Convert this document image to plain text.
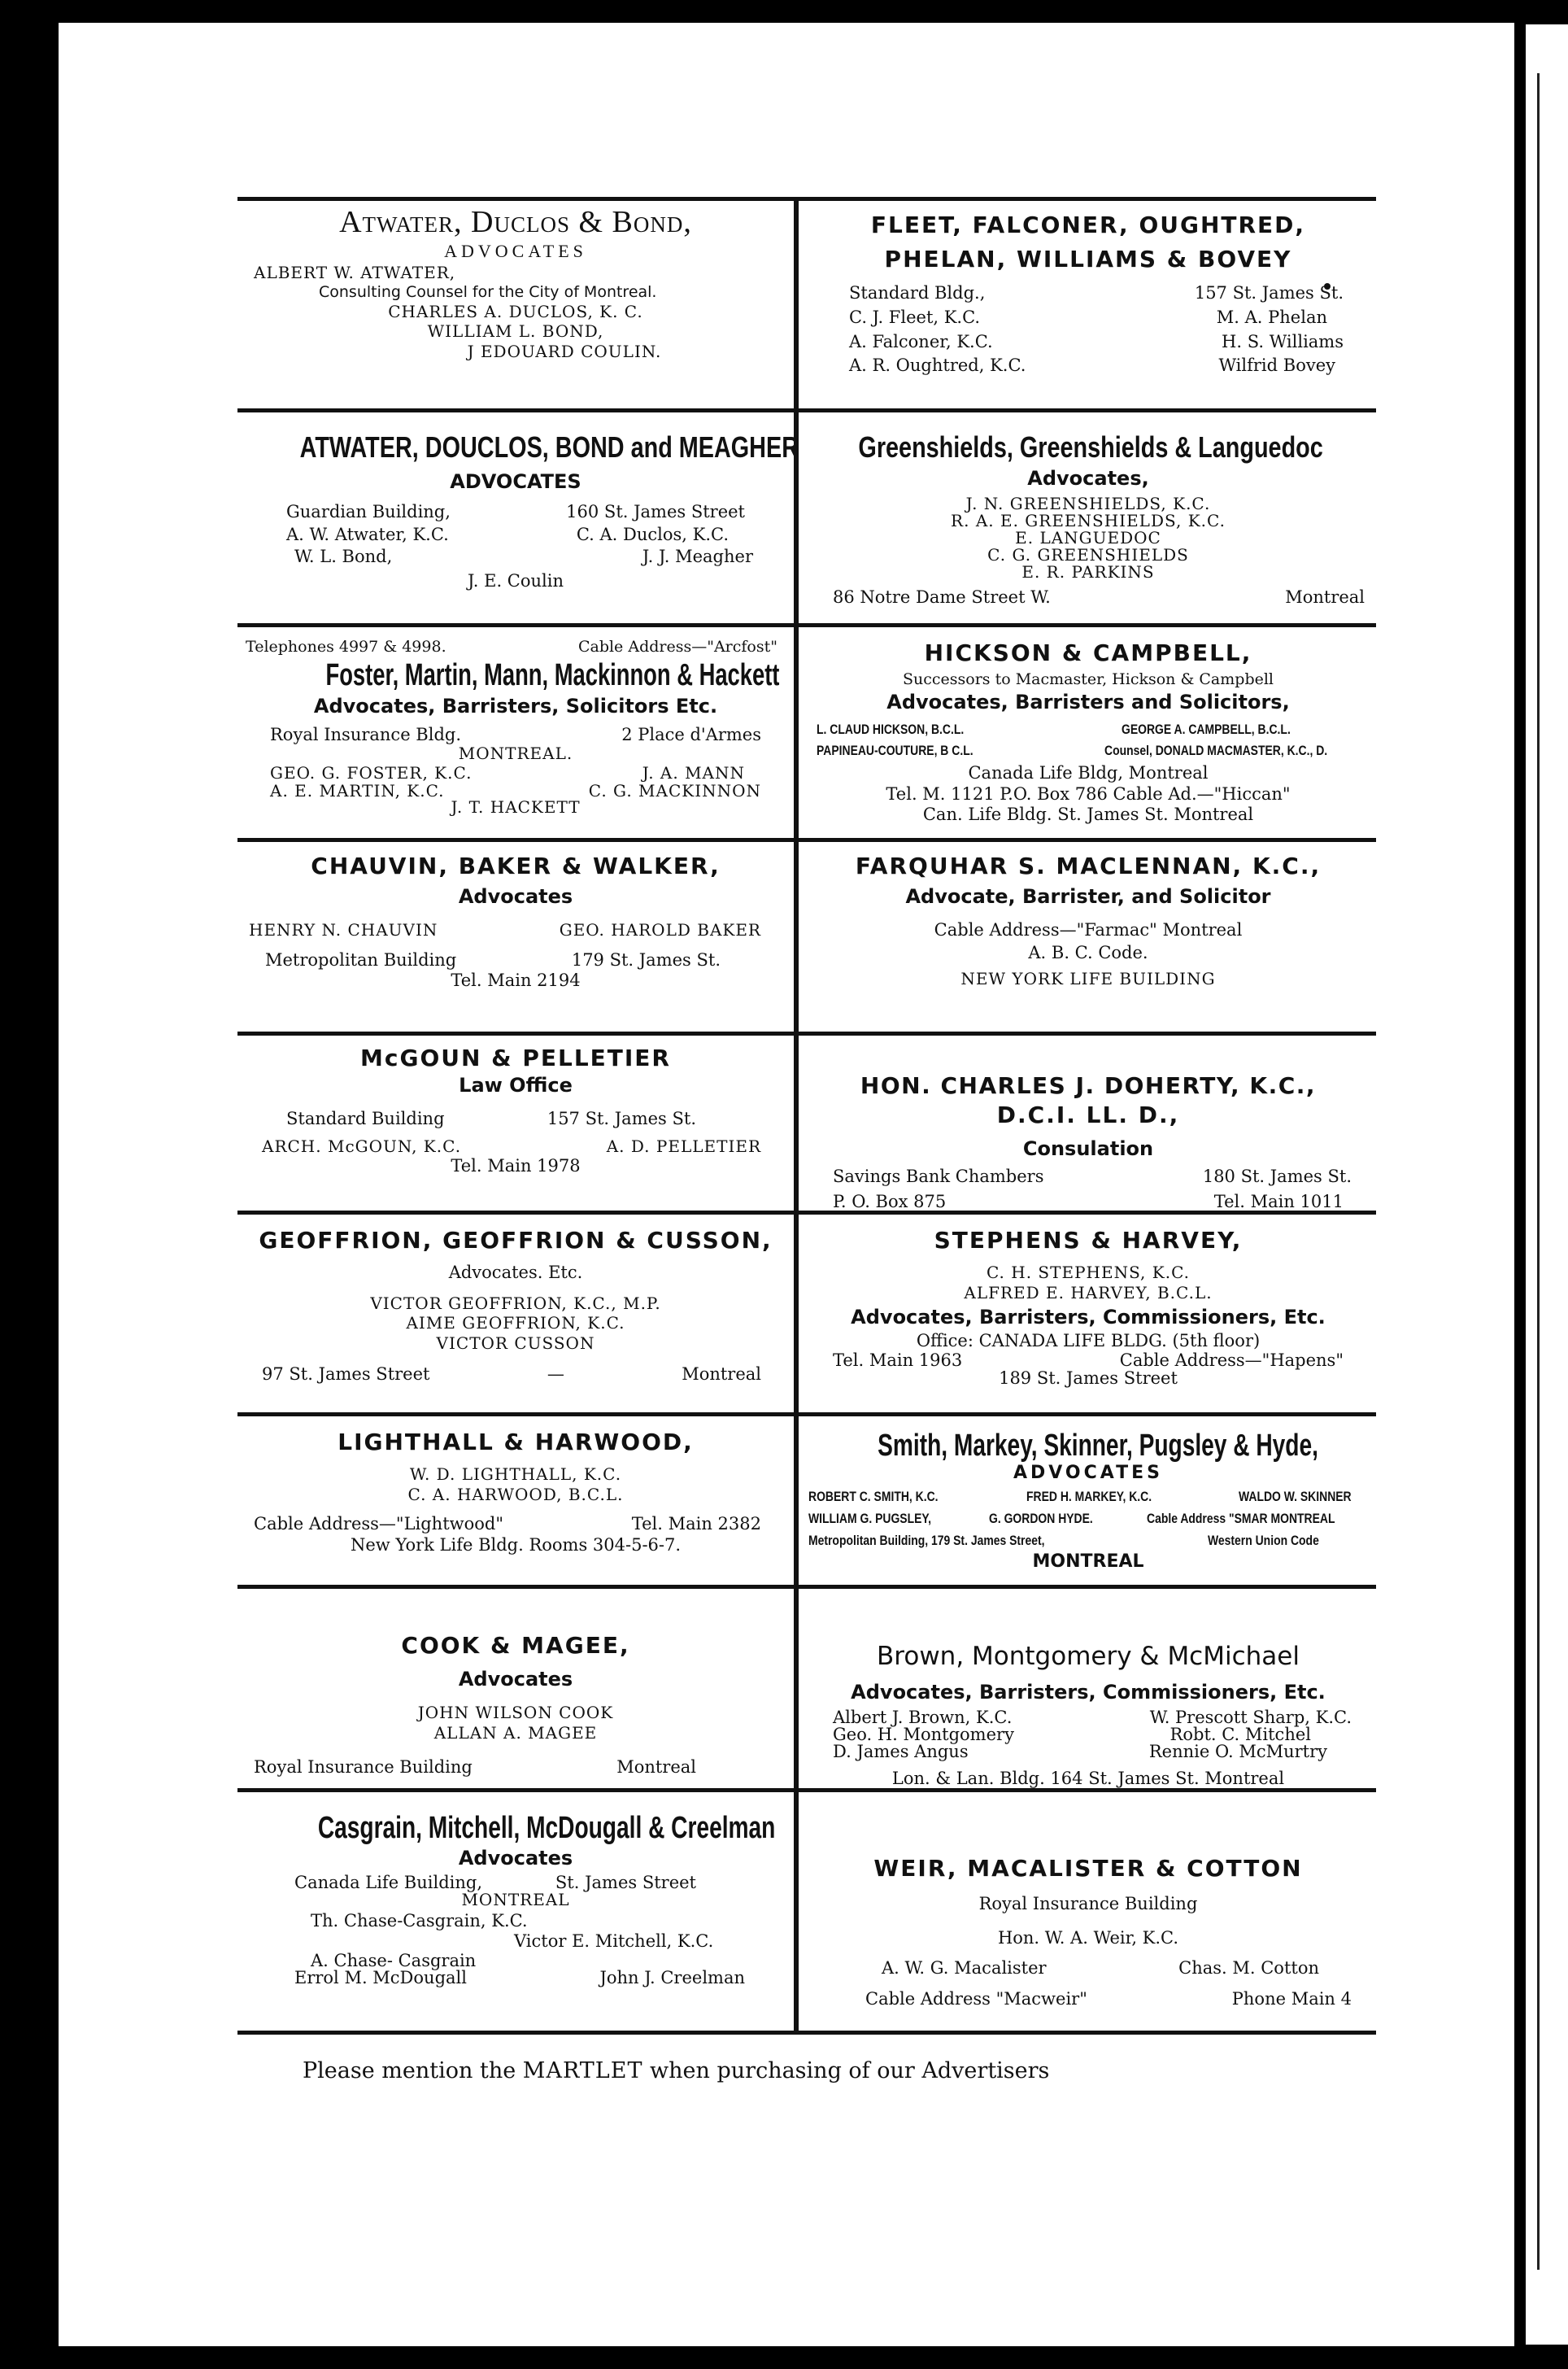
Atwater, Duclos & Bond,
ADVOCATES
ALBERT W. ATWATER,
Consulting Counsel for the City of Montreal.
CHARLES A. DUCLOS, K. C.
WILLIAM L. BOND,
J EDOUARD COULIN.
FLEET, FALCONER, OUGHTRED,
PHELAN, WILLIAMS & BOVEY
Standard Bldg.,	157 St. James St.
C. J. Fleet, K.C.	M. A. Phelan
A. Falconer, K.C.	H. S. Williams
A. R. Oughtred, K.C.	Wilfrid Bovey
ATWATER, DOUCLOS, BOND and MEAGHER
ADVOCATES
Guardian Building,	160 St. James Street
A. W. Atwater, K.C.	C. A. Duclos, K.C.
W. L. Bond,	J. J. Meagher
J. E. Coulin
Greenshields, Greenshields & Languedoc
Advocates,
J. N. GREENSHIELDS, K.C.
R. A. E. GREENSHIELDS, K.C.
E. LANGUEDOC
C. G. GREENSHIELDS
E. R. PARKINS
86 Notre Dame Street W.	Montreal
Telephones 4997 & 4998.	Cable Address—"Arcfost"
Foster, Martin, Mann, Mackinnon & Hackett
Advocates, Barristers, Solicitors Etc.
Royal Insurance Bldg.	2 Place d'Armes
MONTREAL.
GEO. G. FOSTER, K.C.	J. A. MANN
A. E. MARTIN, K.C.	C. G. MACKINNON
J. T. HACKETT
HICKSON & CAMPBELL,
Successors to Macmaster, Hickson & Campbell
Advocates, Barristers and Solicitors,
L. CLAUD HICKSON, B.C.L.	GEORGE A. CAMPBELL, B.C.L.
PAPINEAU-COUTURE, B C.L.	Counsel, DONALD MACMASTER, K.C., D.
Canada Life Bldg, Montreal
Tel. M. 1121 P.O. Box 786 Cable Ad.—"Hiccan"
Can. Life Bldg. St. James St. Montreal
CHAUVIN, BAKER & WALKER,
Advocates
HENRY N. CHAUVIN	GEO. HAROLD BAKER
Metropolitan Building	179 St. James St.
Tel. Main 2194
FARQUHAR S. MACLENNAN, K.C.,
Advocate, Barrister, and Solicitor
Cable Address—"Farmac" Montreal
A. B. C. Code.
NEW YORK LIFE BUILDING
McGOUN & PELLETIER
Law Office
Standard Building	157 St. James St.
ARCH. McGOUN, K.C.	A. D. PELLETIER
Tel. Main 1978
HON. CHARLES J. DOHERTY, K.C.,
D.C.I. LL. D.,
Consulation
Savings Bank Chambers	180 St. James St.
P. O. Box 875	Tel. Main 1011
GEOFFRION, GEOFFRION & CUSSON,
Advocates. Etc.
VICTOR GEOFFRION, K.C., M.P.
AIME GEOFFRION, K.C.
VICTOR CUSSON
97 St. James Street	—	Montreal
STEPHENS & HARVEY,
C. H. STEPHENS, K.C.
ALFRED E. HARVEY, B.C.L.
Advocates, Barristers, Commissioners, Etc.
Office: CANADA LIFE BLDG. (5th floor)
Tel. Main 1963	Cable Address—"Hapens"
189 St. James Street
LIGHTHALL & HARWOOD,
W. D. LIGHTHALL, K.C.
C. A. HARWOOD, B.C.L.
Cable Address—"Lightwood"	Tel. Main 2382
New York Life Bldg. Rooms 304-5-6-7.
Smith, Markey, Skinner, Pugsley & Hyde,
ADVOCATES
ROBERT C. SMITH, K.C.	FRED H. MARKEY, K.C.	WALDO W. SKINNER
WILLIAM G. PUGSLEY,	G. GORDON HYDE.	Cable Address "SMAR MONTREAL
Metropolitan Building, 179 St. James Street,	Western Union Code
MONTREAL
COOK & MAGEE,
Advocates
JOHN WILSON COOK
ALLAN A. MAGEE
Royal Insurance Building	Montreal
Brown, Montgomery & McMichael
Advocates, Barristers, Commissioners, Etc.
Albert J. Brown, K.C.	W. Prescott Sharp, K.C.
Geo. H. Montgomery	Robt. C. Mitchel
D. James Angus	Rennie O. McMurtry
Lon. & Lan. Bldg. 164 St. James St. Montreal
Casgrain, Mitchell, McDougall & Creelman
Advocates
Canada Life Building,	St. James Street
MONTREAL
Th. Chase-Casgrain, K.C.
Victor E. Mitchell, K.C.
A. Chase- Casgrain
Errol M. McDougall	John J. Creelman
WEIR, MACALISTER & COTTON
Royal Insurance Building
Hon. W. A. Weir, K.C.
A. W. G. Macalister	Chas. M. Cotton
Cable Address "Macweir"	Phone Main 4
Please mention the MARTLET when purchasing of our Advertisers
